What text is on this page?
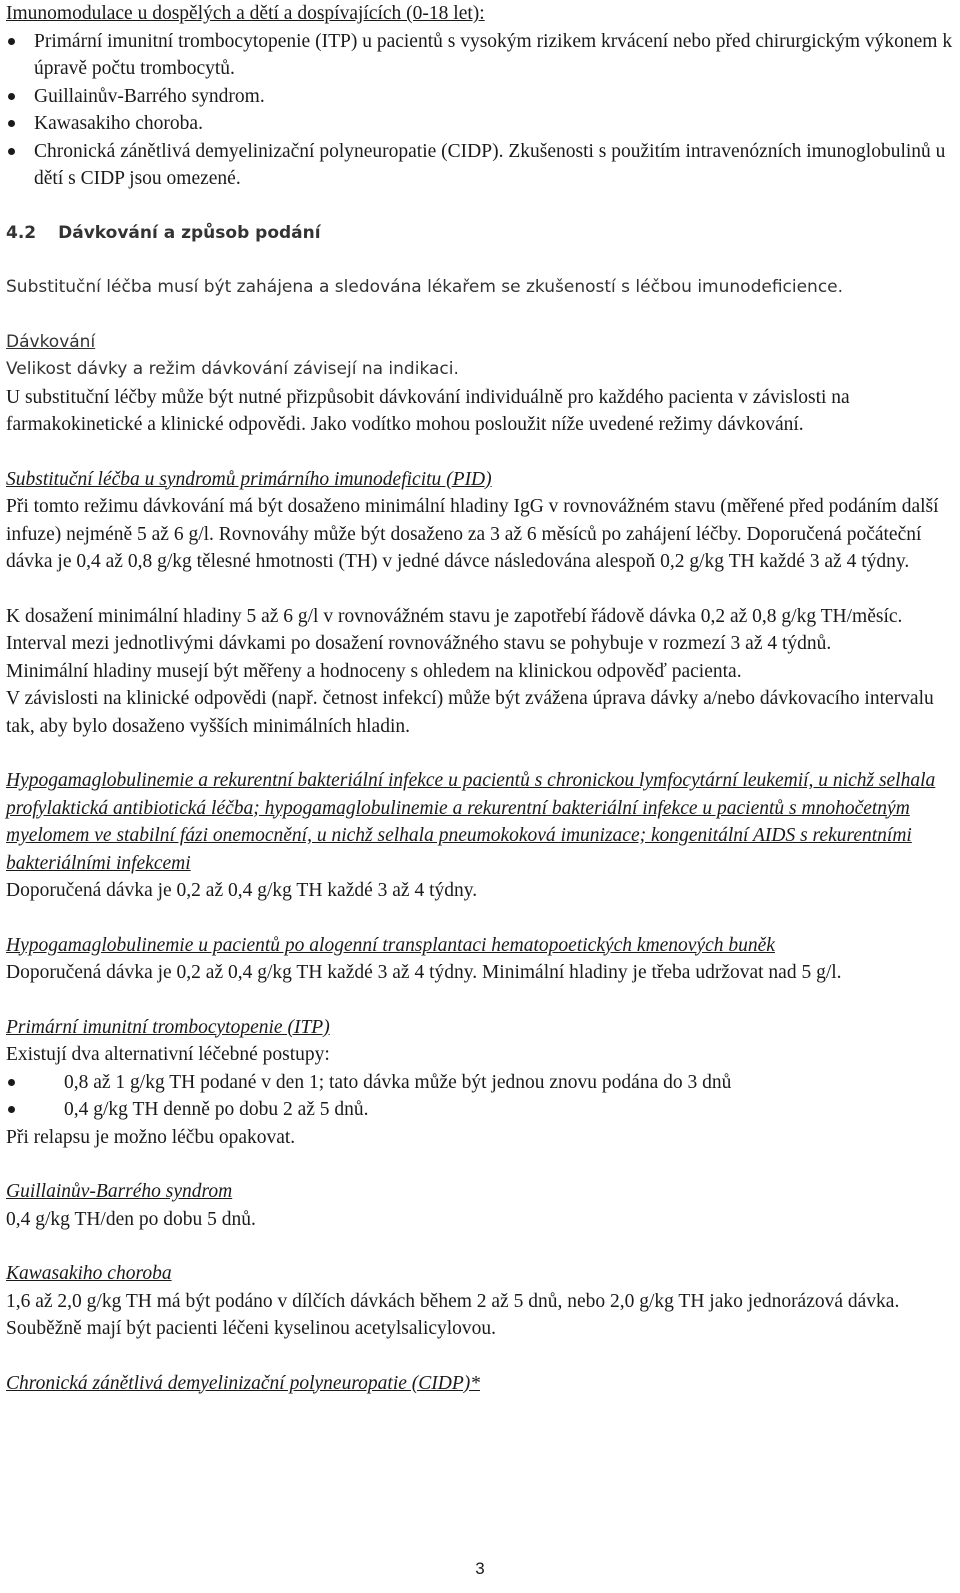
Imunomodulace u dospělých a dětí a dospívajících (0-18 let):

Primární imunitní trombocytopenie (ITP) u pacientů s vysokým rizikem krvácení nebo před chirurgickým výkonem k úpravě počtu trombocytů.
Guillainův-Barrého syndrom.
Kawasakiho choroba.
Chronická zánětlivá demyelinizační polyneuropatie (CIDP). Zkušenosti s použitím intravenózních imunoglobulinů u dětí s CIDP jsou omezené.
4.2 Dávkování a způsob podání

Substituční léčba musí být zahájena a sledována lékařem se zkušeností s léčbou imunodeficience.

Dávkování

Velikost dávky a režim dávkování závisejí na indikaci.

U substituční léčby může být nutné přizpůsobit dávkování individuálně pro každého pacienta v závislosti na farmakokinetické a klinické odpovědi. Jako vodítko mohou posloužit níže uvedené režimy dávkování.

Substituční léčba u syndromů primárního imunodeficitu (PID)

Při tomto režimu dávkování má být dosaženo minimální hladiny IgG v rovnovážném stavu (měřené před podáním další infuze) nejméně 5 až 6 g/l. Rovnováhy může být dosaženo za 3 až 6 měsíců po zahájení léčby. Doporučená počáteční dávka je 0,4 až 0,8 g/kg tělesné hmotnosti (TH) v jedné dávce následována alespoň 0,2 g/kg TH každé 3 až 4 týdny.

K dosažení minimální hladiny 5 až 6 g/l v rovnovážném stavu je zapotřebí řádově dávka 0,2 až 0,8 g/kg TH/měsíc. Interval mezi jednotlivými dávkami po dosažení rovnovážného stavu se pohybuje v rozmezí 3 až 4 týdnů.

Minimální hladiny musejí být měřeny a hodnoceny s ohledem na klinickou odpověď pacienta.

V závislosti na klinické odpovědi (např. četnost infekcí) může být zvážena úprava dávky a/nebo dávkovacího intervalu tak, aby bylo dosaženo vyšších minimálních hladin.

Hypogamaglobulinemie a rekurentní bakteriální infekce u pacientů s chronickou lymfocytární leukemií, u nichž selhala profylaktická antibiotická léčba; hypogamaglobulinemie a rekurentní bakteriální infekce u pacientů s mnohočetným myelomem ve stabilní fázi onemocnění, u nichž selhala pneumokoková imunizace; kongenitální AIDS s rekurentními bakteriálními infekcemi

Doporučená dávka je 0,2 až 0,4 g/kg TH každé 3 až 4 týdny.

Hypogamaglobulinemie u pacientů po alogenní transplantaci hematopoetických kmenových buněk

Doporučená dávka je 0,2 až 0,4 g/kg TH každé 3 až 4 týdny. Minimální hladiny je třeba udržovat nad 5 g/l.

Primární imunitní trombocytopenie (ITP)

Existují dva alternativní léčebné postupy:

0,8 až 1 g/kg TH podané v den 1; tato dávka může být jednou znovu podána do 3 dnů
0,4 g/kg TH denně po dobu 2 až 5 dnů.

Při relapsu je možno léčbu opakovat.

Guillainův-Barrého syndrom

0,4 g/kg TH/den po dobu 5 dnů.

Kawasakiho choroba

1,6 až 2,0 g/kg TH má být podáno v dílčích dávkách během 2 až 5 dnů, nebo 2,0 g/kg TH jako jednorázová dávka.

Souběžně mají být pacienti léčeni kyselinou acetylsalicylovou.

Chronická zánětlivá demyelinizační polyneuropatie (CIDP)*

3
